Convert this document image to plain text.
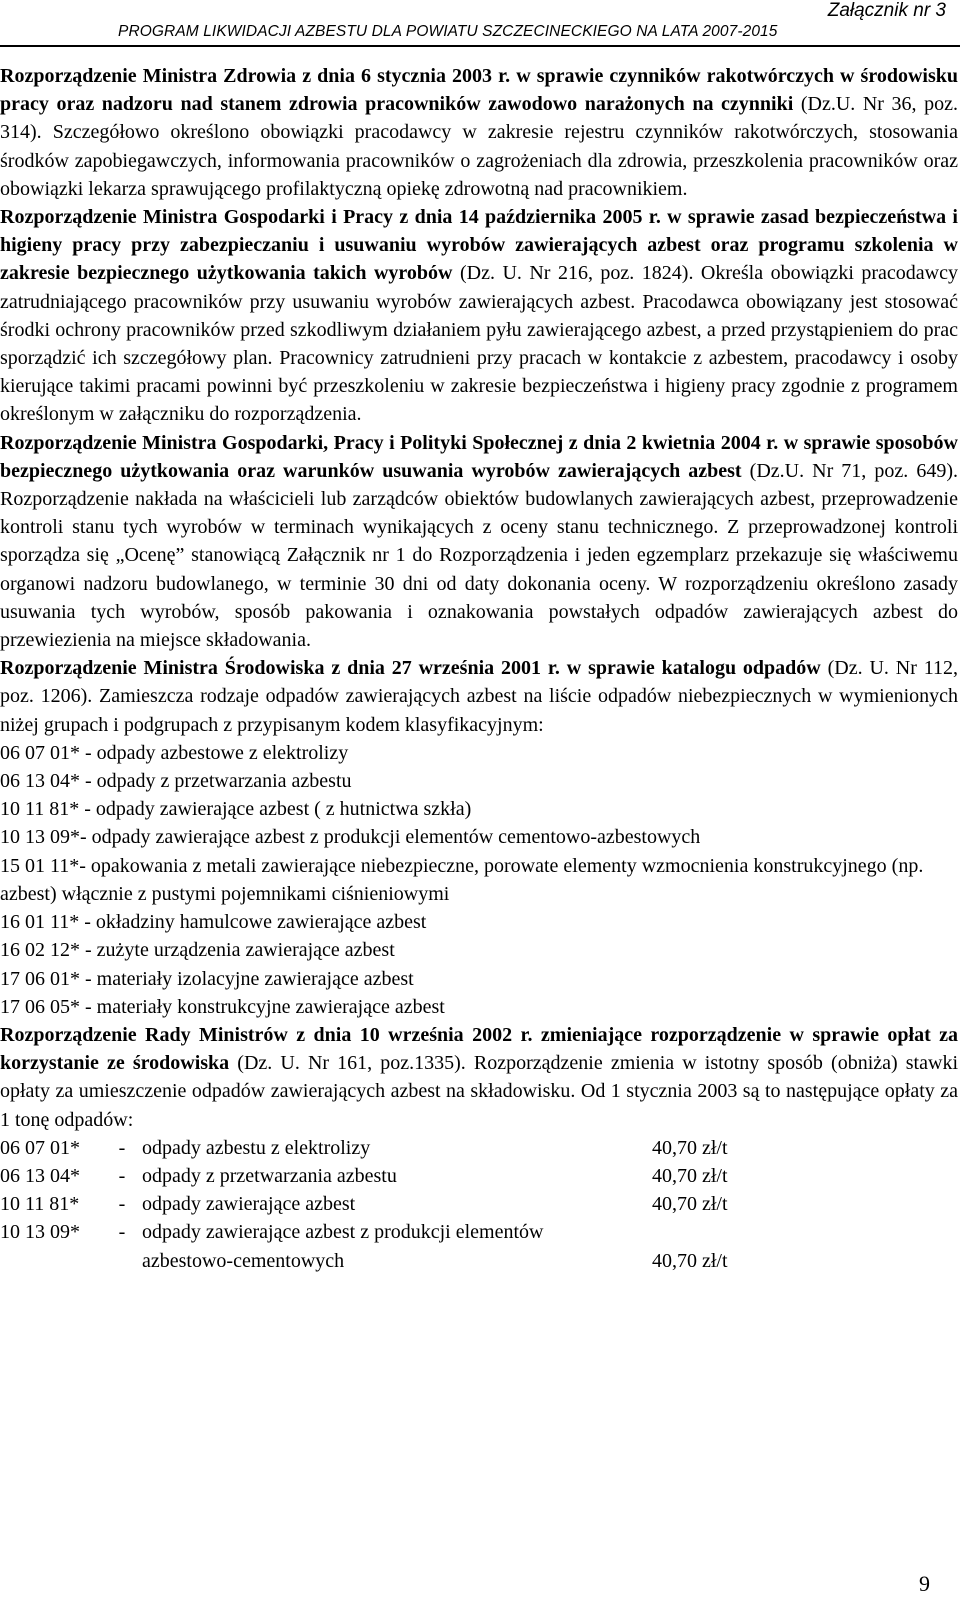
Załącznik nr 3
PROGRAM LIKWIDACJI AZBESTU DLA POWIATU SZCZECINECKIEGO NA LATA 2007-2015

Rozporządzenie Ministra Zdrowia z dnia 6 stycznia 2003 r. w sprawie czynników rakotwórczych w środowisku pracy oraz nadzoru nad stanem zdrowia pracowników zawodowo narażonych na czynniki (Dz.U. Nr 36, poz. 314). Szczegółowo określono obowiązki pracodawcy w zakresie rejestru czynników rakotwórczych, stosowania środków zapobiegawczych, informowania pracowników o zagrożeniach dla zdrowia, przeszkolenia pracowników oraz obowiązki lekarza sprawującego profilaktyczną opiekę zdrowotną nad pracownikiem.

Rozporządzenie Ministra Gospodarki i Pracy z dnia 14 października 2005 r. w sprawie zasad bezpieczeństwa i higieny pracy przy zabezpieczaniu i usuwaniu wyrobów zawierających azbest oraz programu szkolenia w zakresie bezpiecznego użytkowania takich wyrobów (Dz. U. Nr 216, poz. 1824). Określa obowiązki pracodawcy zatrudniającego pracowników przy usuwaniu wyrobów zawierających azbest. Pracodawca obowiązany jest stosować środki ochrony pracowników przed szkodliwym działaniem pyłu zawierającego azbest, a przed przystąpieniem do prac sporządzić ich szczegółowy plan. Pracownicy zatrudnieni przy pracach w kontakcie z azbestem, pracodawcy i osoby kierujące takimi pracami powinni być przeszkoleniu w zakresie bezpieczeństwa i higieny pracy zgodnie z programem określonym w załączniku do rozporządzenia.

Rozporządzenie Ministra Gospodarki, Pracy i Polityki Społecznej z dnia 2 kwietnia 2004 r. w sprawie sposobów bezpiecznego użytkowania oraz warunków usuwania wyrobów zawierających azbest (Dz.U. Nr 71, poz. 649). Rozporządzenie nakłada na właścicieli lub zarządców obiektów budowlanych zawierających azbest, przeprowadzenie kontroli stanu tych wyrobów w terminach wynikających z oceny stanu technicznego. Z przeprowadzonej kontroli sporządza się „Ocenę” stanowiącą Załącznik nr 1 do Rozporządzenia i jeden egzemplarz przekazuje się właściwemu organowi nadzoru budowlanego, w terminie 30 dni od daty dokonania oceny. W rozporządzeniu określono zasady usuwania tych wyrobów, sposób pakowania i oznakowania powstałych odpadów zawierających azbest do przewiezienia na miejsce składowania.

Rozporządzenie Ministra Środowiska z dnia 27 września 2001 r. w sprawie katalogu odpadów (Dz. U. Nr 112, poz. 1206). Zamieszcza rodzaje odpadów zawierających azbest na liście odpadów niebezpiecznych w wymienionych niżej grupach i podgrupach z przypisanym kodem klasyfikacyjnym:

06 07 01* - odpady azbestowe z elektrolizy
06 13 04* - odpady z przetwarzania azbestu
10 11 81* - odpady zawierające azbest ( z hutnictwa szkła)
10 13 09*- odpady zawierające azbest z produkcji elementów cementowo-azbestowych
15 01 11*- opakowania z metali zawierające niebezpieczne, porowate elementy wzmocnienia konstrukcyjnego (np. azbest) włącznie z pustymi pojemnikami ciśnieniowymi
16 01 11* - okładziny hamulcowe zawierające azbest
16 02 12* - zużyte urządzenia zawierające azbest
17 06 01* - materiały izolacyjne zawierające azbest
17 06 05* - materiały konstrukcyjne zawierające azbest

Rozporządzenie Rady Ministrów z dnia 10 września 2002 r. zmieniające rozporządzenie w sprawie opłat za korzystanie ze środowiska (Dz. U. Nr 161, poz.1335). Rozporządzenie zmienia w istotny sposób (obniża) stawki opłaty za umieszczenie odpadów zawierających azbest na składowisku. Od 1 stycznia 2003 są to następujące opłaty za 1 tonę odpadów:

06 07 01*	- odpady azbestu z elektrolizy	40,70 zł/t
06 13 04*	- odpady z przetwarzania azbestu	40,70 zł/t
10 11 81*	- odpady zawierające azbest	40,70 zł/t
10 13 09*	- odpady zawierające azbest z produkcji elementów
azbestowo-cementowych	40,70 zł/t
9
